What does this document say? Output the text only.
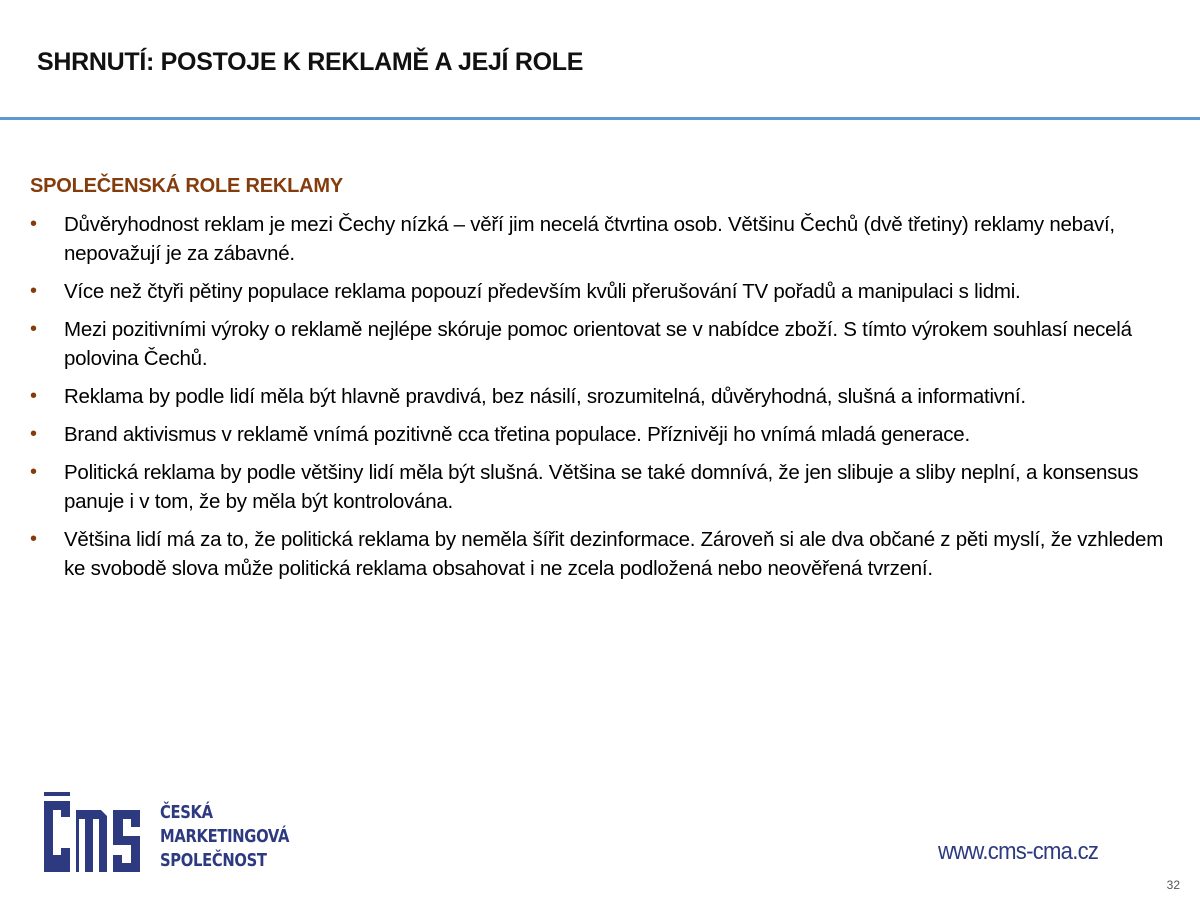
SHRNUTÍ: POSTOJE K REKLAMĚ A JEJÍ ROLE
SPOLEČENSKÁ ROLE REKLAMY
• Důvěryhodnost reklam je mezi Čechy nízká – věří jim necelá čtvrtina osob. Většinu Čechů (dvě třetiny) reklamy nebaví, nepovažují je za zábavné.
• Více než čtyři pětiny populace reklama popouzí především kvůli přerušování TV pořadů a manipulaci s lidmi.
• Mezi pozitivními výroky o reklamě nejlépe skóruje pomoc orientovat se v nabídce zboží. S tímto výrokem souhlasí necelá polovina Čechů.
• Reklama by podle lidí měla být hlavně pravdivá, bez násilí, srozumitelná, důvěryhodná, slušná a informativní.
• Brand aktivismus v reklamě vnímá pozitivně cca třetina populace. Příznivěji ho vnímá mladá generace.
• Politická reklama by podle většiny lidí měla být slušná. Většina se také domnívá, že jen slibuje a sliby neplní, a konsensus panuje i v tom, že by měla být kontrolována.
• Většina lidí má za to, že politická reklama by neměla šířit dezinformace. Zároveň si ale dva občané z pěti myslí, že vzhledem ke svobodě slova může politická reklama obsahovat i ne zcela podložená nebo neověřená tvrzení.
ČESKÁ
MARKETINGOVÁ
SPOLEČNOST	www.cms-cma.cz
32
